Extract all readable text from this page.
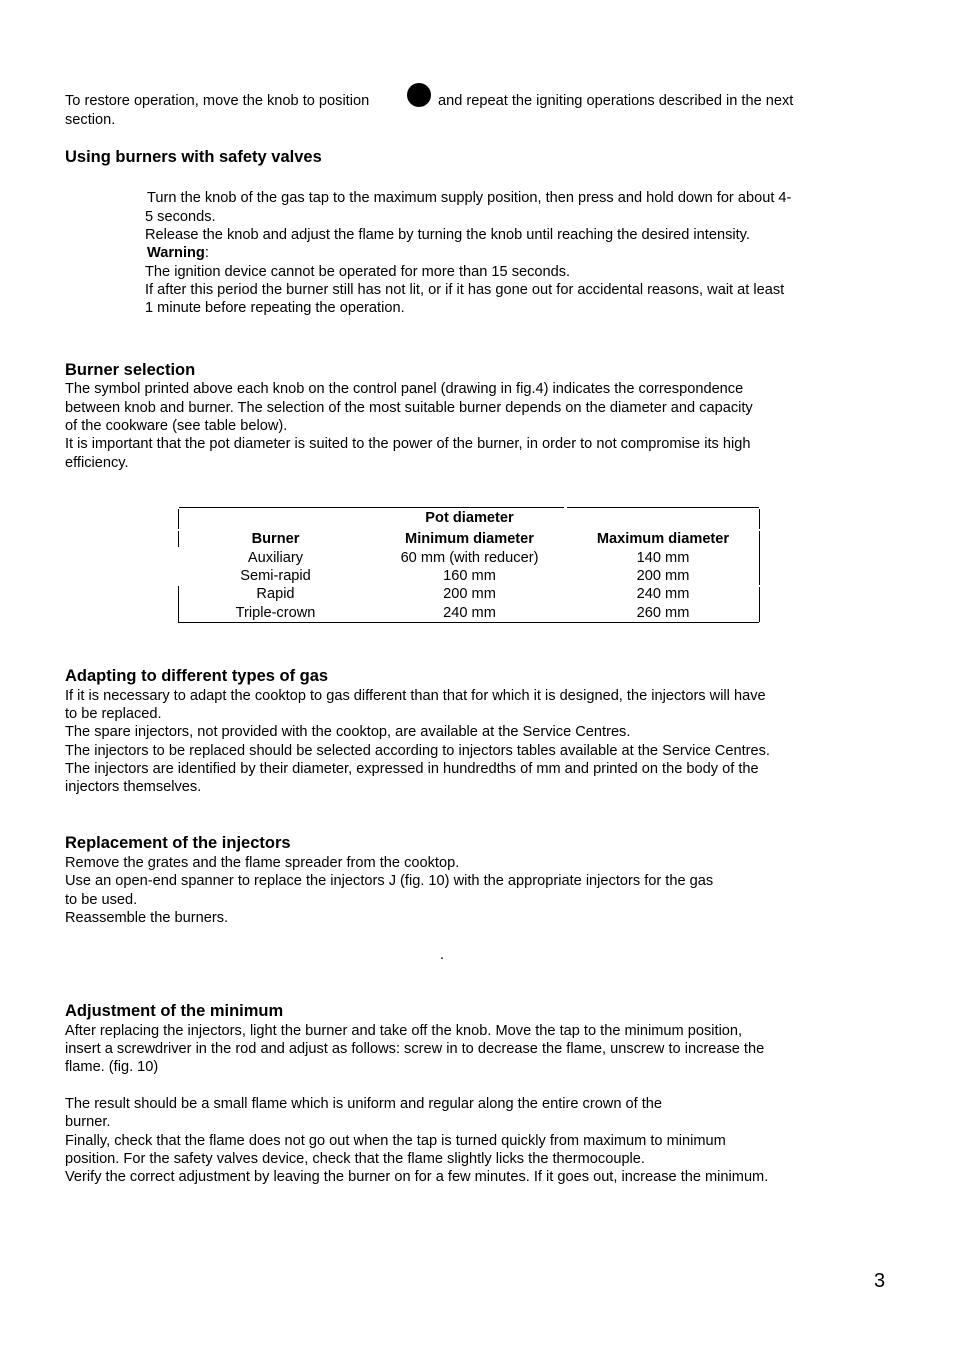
To restore operation, move the knob to position	and repeat the igniting operations described in the next
section.
Using burners with safety valves
Turn the knob of the gas tap to the maximum supply position, then press and hold down for about 4-
5 seconds.
Release the knob and adjust the flame by turning the knob until reaching the desired intensity.
Warning:
The ignition device cannot be operated for more than 15 seconds.
If after this period the burner still has not lit, or if it has gone out for accidental reasons, wait at least
1 minute before repeating the operation.
Burner selection
The symbol printed above each knob on the control panel (drawing in fig.4) indicates the correspondence
between knob and burner. The selection of the most suitable burner depends on the diameter and capacity
of the cookware (see table below).
It is important that the pot diameter is suited to the power of the burner, in order to not compromise its high
efficiency.
	Pot diameter	
Burner	Minimum diameter	Maximum diameter
Auxiliary	60 mm (with reducer)	140 mm
Semi-rapid	160 mm	200 mm
Rapid	200 mm	240 mm
Triple-crown	240 mm	260 mm
Adapting to different types of gas
If it is necessary to adapt the cooktop to gas different than that for which it is designed, the injectors will have
to be replaced.
The spare injectors, not provided with the cooktop, are available at the Service Centres.
The injectors to be replaced should be selected according to injectors tables available at the Service Centres.
The injectors are identified by their diameter, expressed in hundredths of mm and printed on the body of the
injectors themselves.
Replacement of the injectors
Remove the grates and the flame spreader from the cooktop.
Use an open-end spanner to replace the injectors J (fig. 10) with the appropriate injectors for the gas
to be used.
Reassemble the burners.
.
Adjustment of the minimum
After replacing the injectors, light the burner and take off the knob. Move the tap to the minimum position,
insert a screwdriver in the rod and adjust as follows: screw in to decrease the flame, unscrew to increase the
flame. (fig. 10)
The result should be a small flame which is uniform and regular along the entire crown of the
burner.
Finally, check that the flame does not go out when the tap is turned quickly from maximum to minimum
position. For the safety valves device, check that the flame slightly licks the thermocouple.
Verify the correct adjustment by leaving the burner on for a few minutes. If it goes out, increase the minimum.
3
